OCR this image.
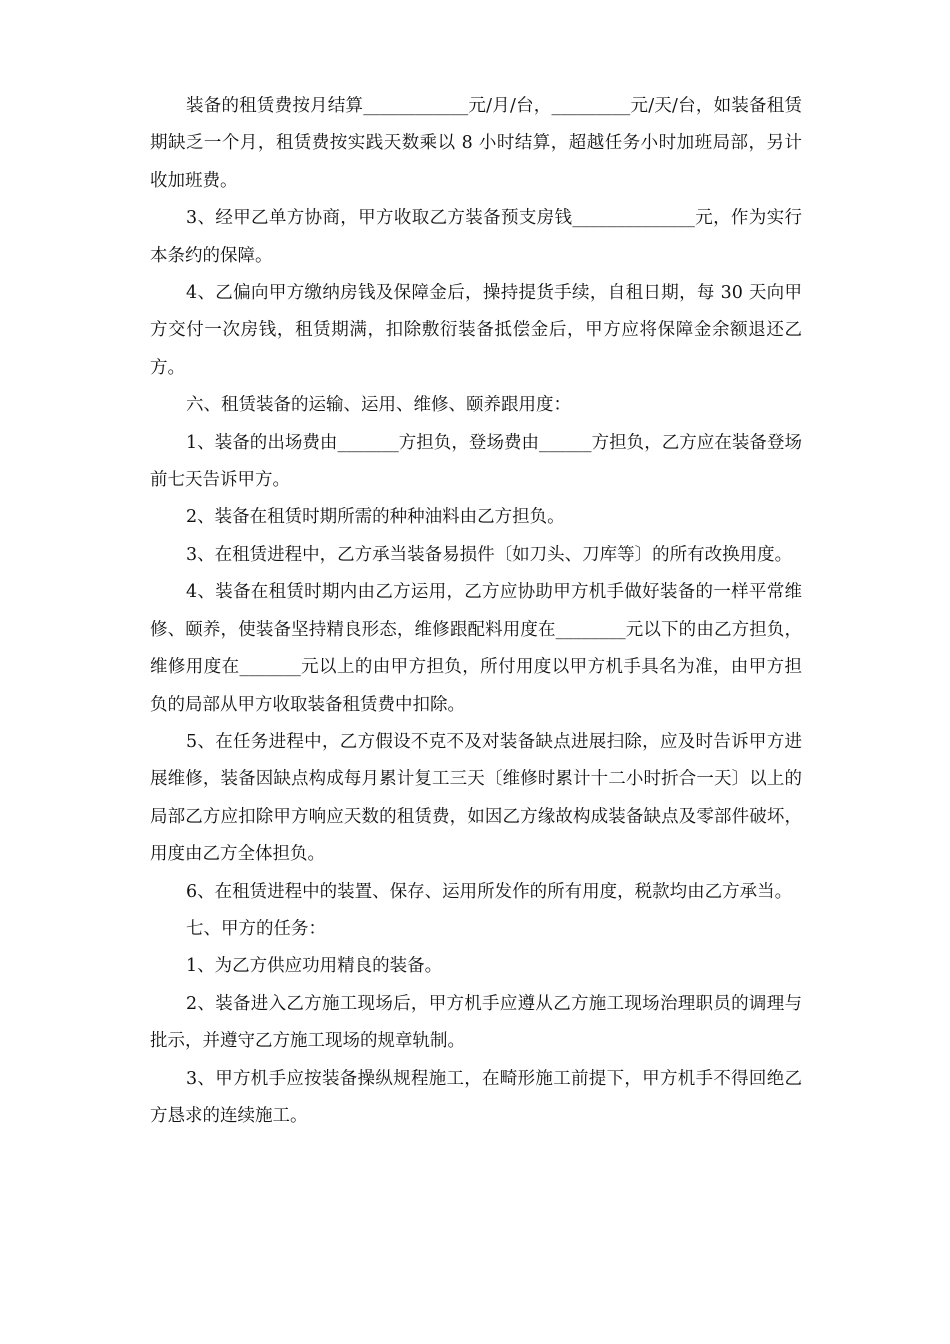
装备的租赁费按月结算____________元/月/台，_________元/天/台，如装备租赁期缺乏一个月，租赁费按实践天数乘以 8 小时结算，超越任务小时加班局部，另计收加班费。

3、经甲乙单方协商，甲方收取乙方装备预支房钱______________元，作为实行本条约的保障。

4、乙偏向甲方缴纳房钱及保障金后，操持提货手续，自租日期，每 30 天向甲方交付一次房钱，租赁期满，扣除敷衍装备抵偿金后，甲方应将保障金余额退还乙方。

六、租赁装备的运输、运用、维修、颐养跟用度：

1、装备的出场费由_______方担负，登场费由______方担负，乙方应在装备登场前七天告诉甲方。

2、装备在租赁时期所需的种种油料由乙方担负。

3、在租赁进程中，乙方承当装备易损件〔如刀头、刀库等〕的所有改换用度。

4、装备在租赁时期内由乙方运用，乙方应协助甲方机手做好装备的一样平常维修、颐养，使装备坚持精良形态，维修跟配料用度在________元以下的由乙方担负，维修用度在_______元以上的由甲方担负，所付用度以甲方机手具名为准，由甲方担负的局部从甲方收取装备租赁费中扣除。

5、在任务进程中，乙方假设不克不及对装备缺点进展扫除，应及时告诉甲方进展维修，装备因缺点构成每月累计复工三天〔维修时累计十二小时折合一天〕以上的局部乙方应扣除甲方响应天数的租赁费，如因乙方缘故构成装备缺点及零部件破坏，用度由乙方全体担负。

6、在租赁进程中的装置、保存、运用所发作的所有用度，税款均由乙方承当。

七、甲方的任务：

1、为乙方供应功用精良的装备。

2、装备进入乙方施工现场后，甲方机手应遵从乙方施工现场治理职员的调理与批示，并遵守乙方施工现场的规章轨制。

3、甲方机手应按装备操纵规程施工，在畸形施工前提下，甲方机手不得回绝乙方恳求的连续施工。
